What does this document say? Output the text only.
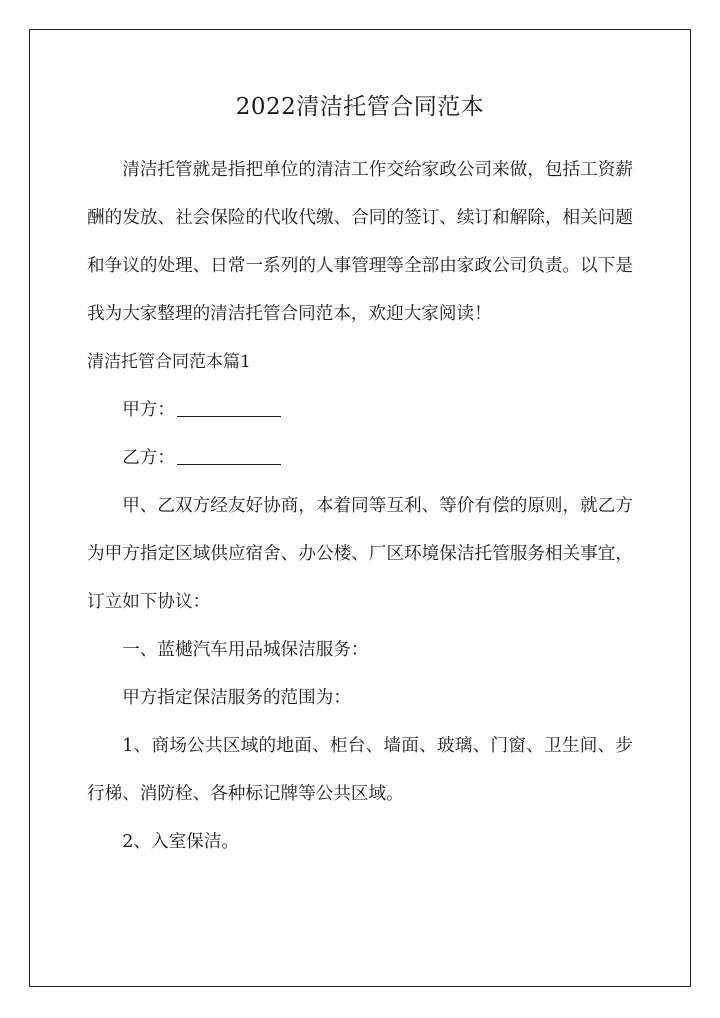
2022清洁托管合同范本

清洁托管就是指把单位的清洁工作交给家政公司来做，包括工资薪酬的发放、社会保险的代收代缴、合同的签订、续订和解除，相关问题和争议的处理、日常一系列的人事管理等全部由家政公司负责。以下是我为大家整理的清洁托管合同范本，欢迎大家阅读！

清洁托管合同范本篇1

甲方：

乙方：

甲、乙双方经友好协商，本着同等互利、等价有偿的原则，就乙方为甲方指定区域供应宿舍、办公楼、厂区环境保洁托管服务相关事宜，订立如下协议：

一、蓝樾汽车用品城保洁服务：

甲方指定保洁服务的范围为：

1、商场公共区域的地面、柜台、墙面、玻璃、门窗、卫生间、步行梯、消防栓、各种标记牌等公共区域。

2、入室保洁。
